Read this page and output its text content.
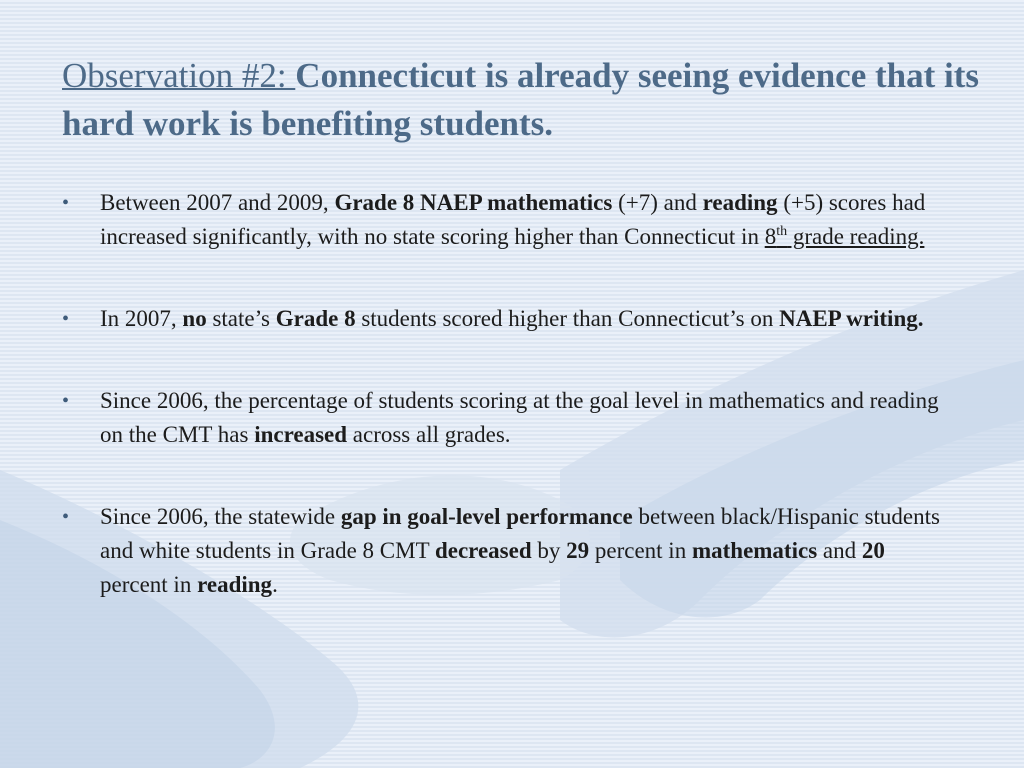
Observation #2: Connecticut is already seeing evidence that its hard work is benefiting students.
• Between 2007 and 2009, Grade 8 NAEP mathematics (+7) and reading (+5) scores had increased significantly, with no state scoring higher than Connecticut in 8th grade reading.
• In 2007, no state’s Grade 8 students scored higher than Connecticut’s on NAEP writing.
• Since 2006, the percentage of students scoring at the goal level in mathematics and reading on the CMT has increased across all grades.
• Since 2006, the statewide gap in goal-level performance between black/Hispanic students and white students in Grade 8 CMT decreased by 29 percent in mathematics and 20 percent in reading.
